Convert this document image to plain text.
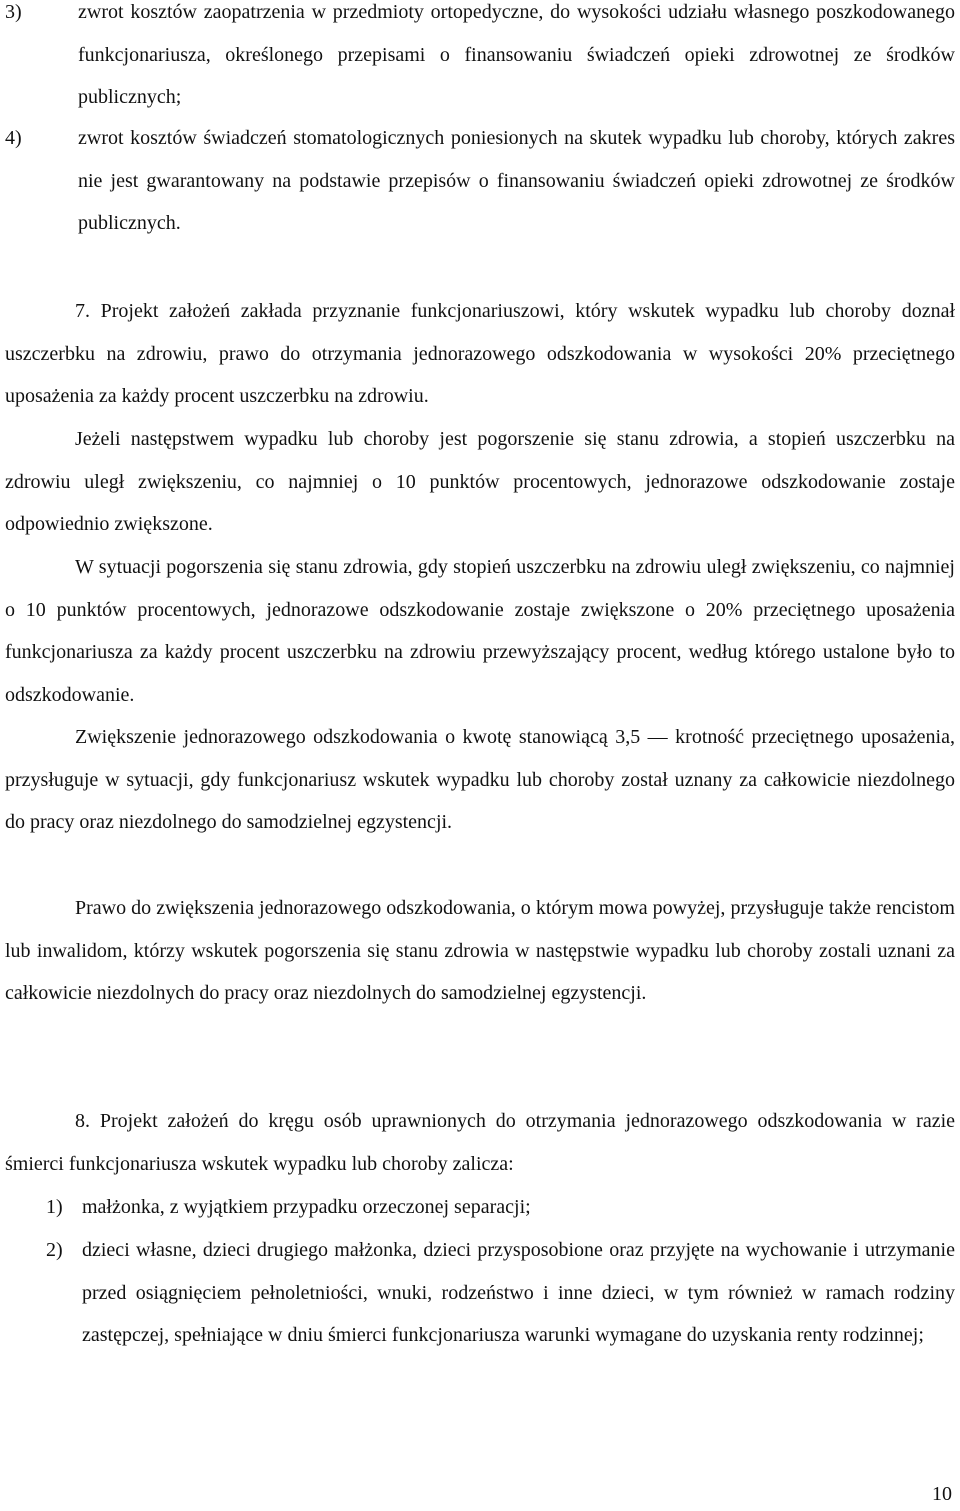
3)	zwrot kosztów zaopatrzenia w przedmioty ortopedyczne, do wysokości udziału własnego poszkodowanego funkcjonariusza, określonego przepisami o finansowaniu świadczeń opieki zdrowotnej ze środków publicznych;

4)	zwrot kosztów świadczeń stomatologicznych poniesionych na skutek wypadku lub choroby, których zakres nie jest gwarantowany na podstawie przepisów o finansowaniu świadczeń opieki zdrowotnej ze środków publicznych.

7. Projekt założeń zakłada przyznanie funkcjonariuszowi, który wskutek wypadku lub choroby doznał uszczerbku na zdrowiu, prawo do otrzymania jednorazowego odszkodowania w wysokości 20% przeciętnego uposażenia za każdy procent uszczerbku na zdrowiu.

Jeżeli następstwem wypadku lub choroby jest pogorszenie się stanu zdrowia, a stopień uszczerbku na zdrowiu uległ zwiększeniu, co najmniej o 10 punktów procentowych, jednorazowe odszkodowanie zostaje odpowiednio zwiększone.

W sytuacji pogorszenia się stanu zdrowia, gdy stopień uszczerbku na zdrowiu uległ zwiększeniu, co najmniej o 10 punktów procentowych, jednorazowe odszkodowanie zostaje zwiększone o 20% przeciętnego uposażenia funkcjonariusza za każdy procent uszczerbku na zdrowiu przewyższający procent, według którego ustalone było to odszkodowanie.

Zwiększenie jednorazowego odszkodowania o kwotę stanowiącą 3,5 — krotność przeciętnego uposażenia, przysługuje w sytuacji, gdy funkcjonariusz wskutek wypadku lub choroby został uznany za całkowicie niezdolnego do pracy oraz niezdolnego do samodzielnej egzystencji.

Prawo do zwiększenia jednorazowego odszkodowania, o którym mowa powyżej, przysługuje także rencistom lub inwalidom, którzy wskutek pogorszenia się stanu zdrowia w następstwie wypadku lub choroby zostali uznani za całkowicie niezdolnych do pracy oraz niezdolnych do samodzielnej egzystencji.

8. Projekt założeń do kręgu osób uprawnionych do otrzymania jednorazowego odszkodowania w razie śmierci funkcjonariusza wskutek wypadku lub choroby zalicza:

1) małżonka, z wyjątkiem przypadku orzeczonej separacji;

2) dzieci własne, dzieci drugiego małżonka, dzieci przysposobione oraz przyjęte na wychowanie i utrzymanie przed osiągnięciem pełnoletniości, wnuki, rodzeństwo i inne dzieci, w tym również w ramach rodziny zastępczej, spełniające w dniu śmierci funkcjonariusza warunki wymagane do uzyskania renty rodzinnej;

10
